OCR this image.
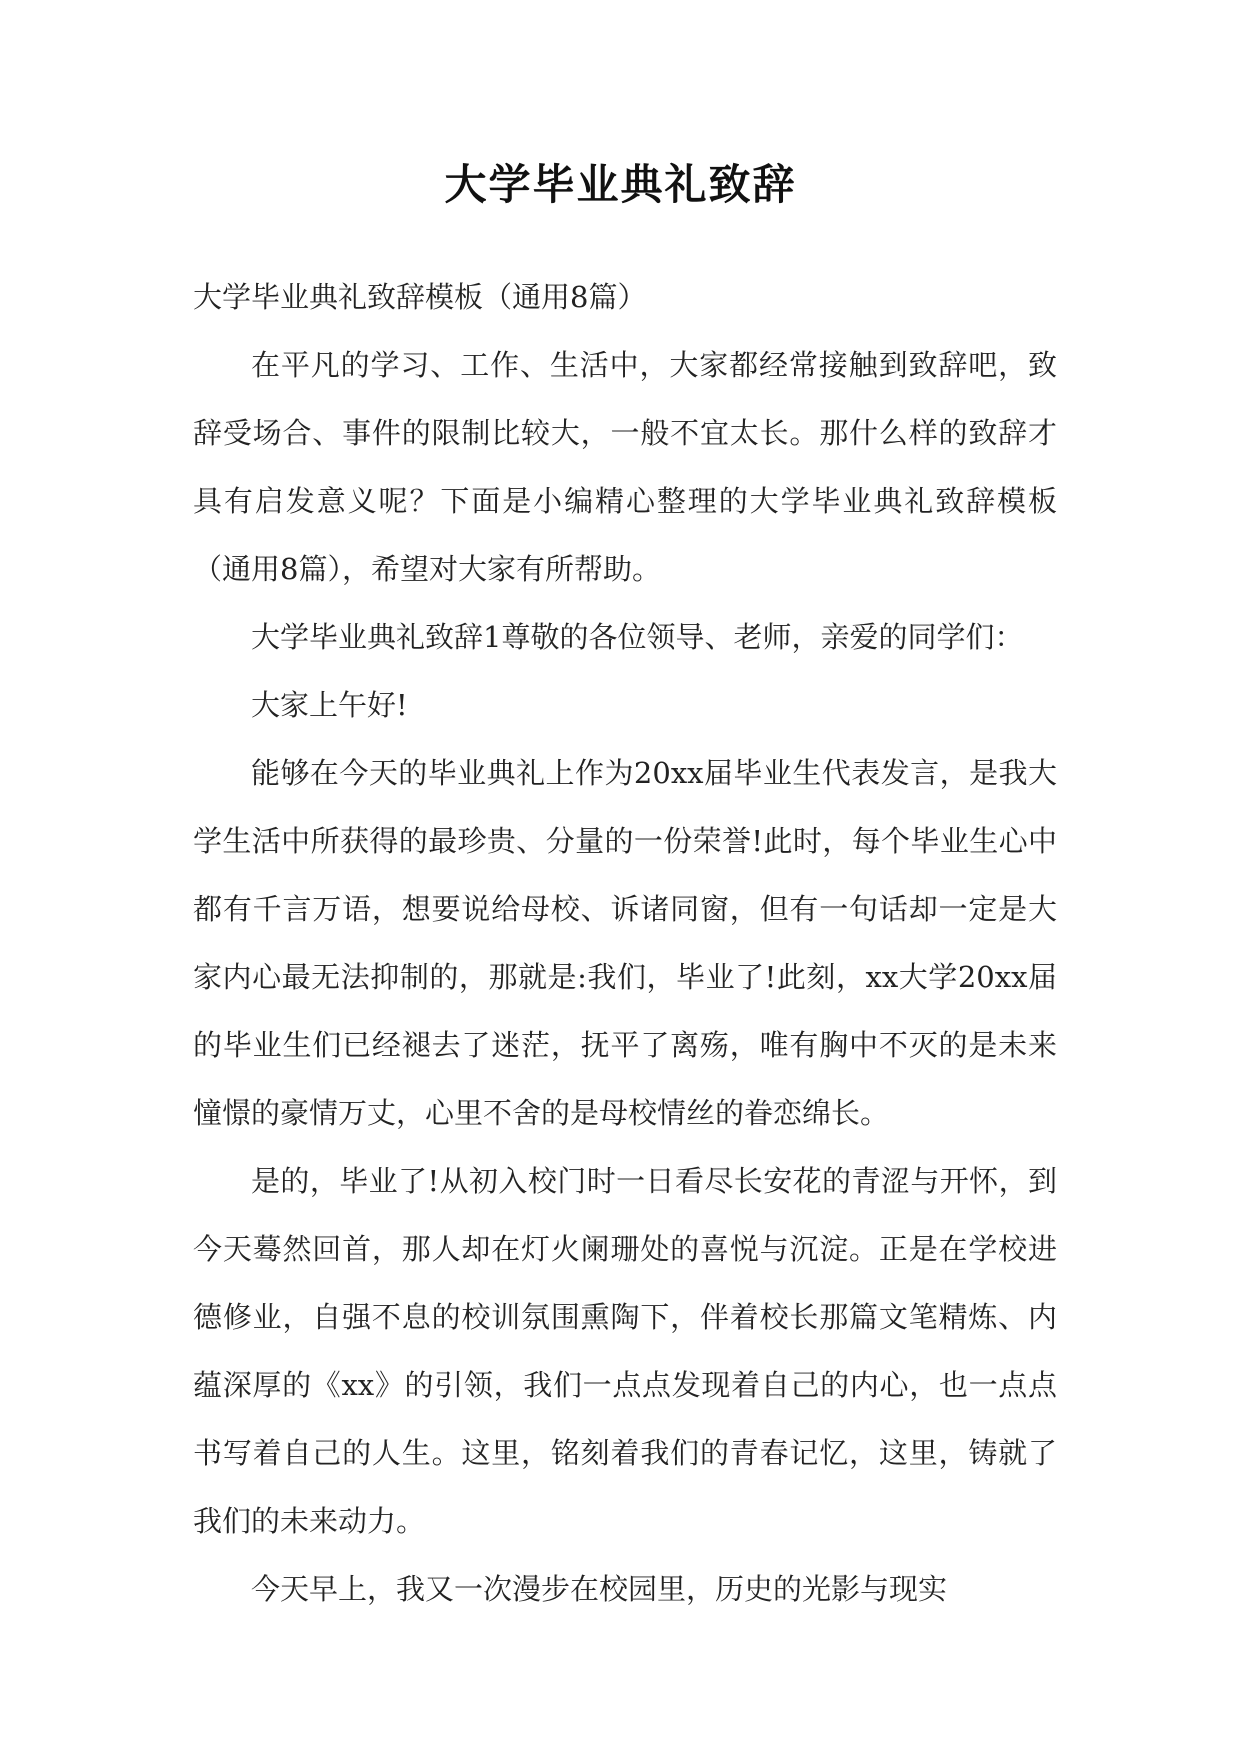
大学毕业典礼致辞

大学毕业典礼致辞模板（通用8篇）

在平凡的学习、工作、生活中，大家都经常接触到致辞吧，致辞受场合、事件的限制比较大，一般不宜太长。那什么样的致辞才具有启发意义呢？下面是小编精心整理的大学毕业典礼致辞模板（通用8篇），希望对大家有所帮助。

大学毕业典礼致辞1尊敬的各位领导、老师，亲爱的同学们：

大家上午好!

能够在今天的毕业典礼上作为20xx届毕业生代表发言，是我大学生活中所获得的最珍贵、分量的一份荣誉!此时，每个毕业生心中都有千言万语，想要说给母校、诉诸同窗，但有一句话却一定是大家内心最无法抑制的，那就是:我们，毕业了!此刻，xx大学20xx届的毕业生们已经褪去了迷茫，抚平了离殇，唯有胸中不灭的是未来憧憬的豪情万丈，心里不舍的是母校情丝的眷恋绵长。

是的，毕业了!从初入校门时一日看尽长安花的青涩与开怀，到今天蓦然回首，那人却在灯火阑珊处的喜悦与沉淀。正是在学校进德修业，自强不息的校训氛围熏陶下，伴着校长那篇文笔精炼、内蕴深厚的《xx》的引领，我们一点点发现着自己的内心，也一点点书写着自己的人生。这里，铭刻着我们的青春记忆，这里，铸就了我们的未来动力。

今天早上，我又一次漫步在校园里，历史的光影与现实
